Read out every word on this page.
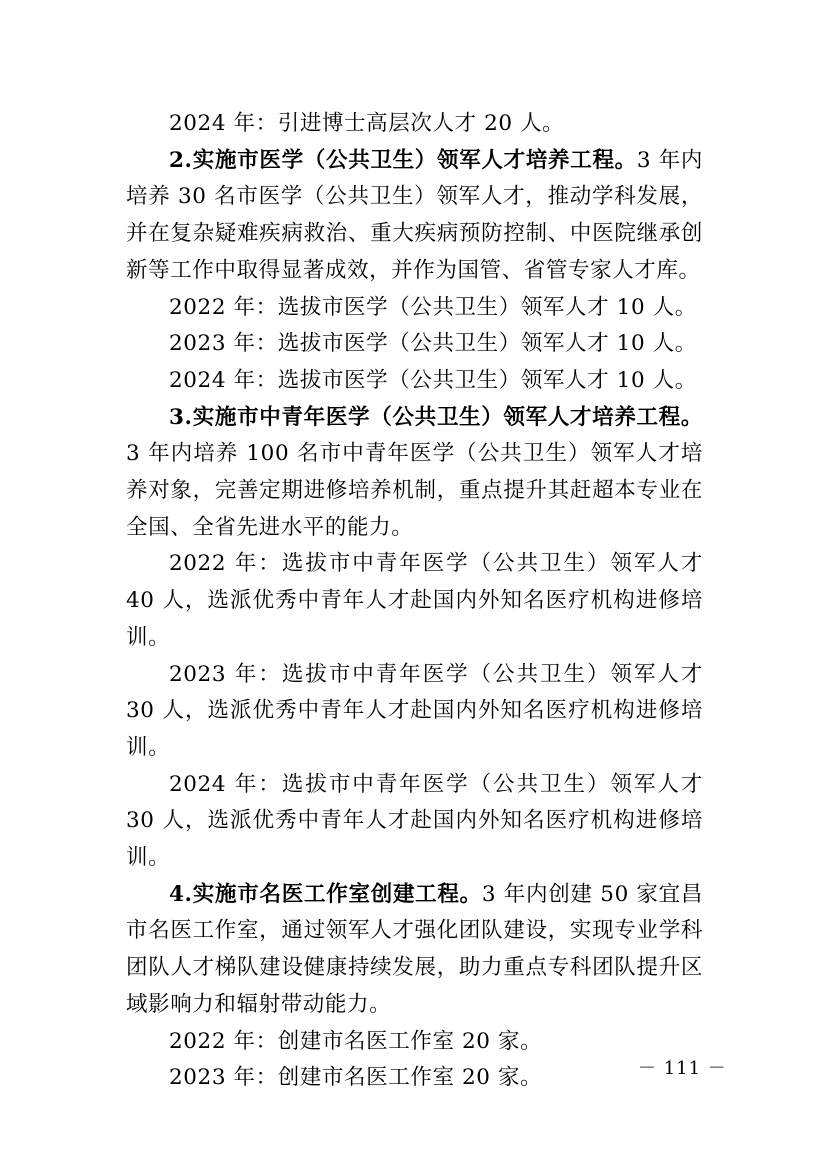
2024 年：引进博士高层次人才 20 人。

2.实施市医学（公共卫生）领军人才培养工程。3 年内培养 30 名市医学（公共卫生）领军人才，推动学科发展，并在复杂疑难疾病救治、重大疾病预防控制、中医院继承创新等工作中取得显著成效，并作为国管、省管专家人才库。

2022 年：选拔市医学（公共卫生）领军人才 10 人。

2023 年：选拔市医学（公共卫生）领军人才 10 人。

2024 年：选拔市医学（公共卫生）领军人才 10 人。

3.实施市中青年医学（公共卫生）领军人才培养工程。3 年内培养 100 名市中青年医学（公共卫生）领军人才培养对象，完善定期进修培养机制，重点提升其赶超本专业在全国、全省先进水平的能力。

2022 年：选拔市中青年医学（公共卫生）领军人才 40 人，选派优秀中青年人才赴国内外知名医疗机构进修培训。

2023 年：选拔市中青年医学（公共卫生）领军人才 30 人，选派优秀中青年人才赴国内外知名医疗机构进修培训。

2024 年：选拔市中青年医学（公共卫生）领军人才 30 人，选派优秀中青年人才赴国内外知名医疗机构进修培训。

4.实施市名医工作室创建工程。3 年内创建 50 家宜昌市名医工作室，通过领军人才强化团队建设，实现专业学科团队人才梯队建设健康持续发展，助力重点专科团队提升区域影响力和辐射带动能力。

2022 年：创建市名医工作室 20 家。

2023 年：创建市名医工作室 20 家。	－ 111 －
